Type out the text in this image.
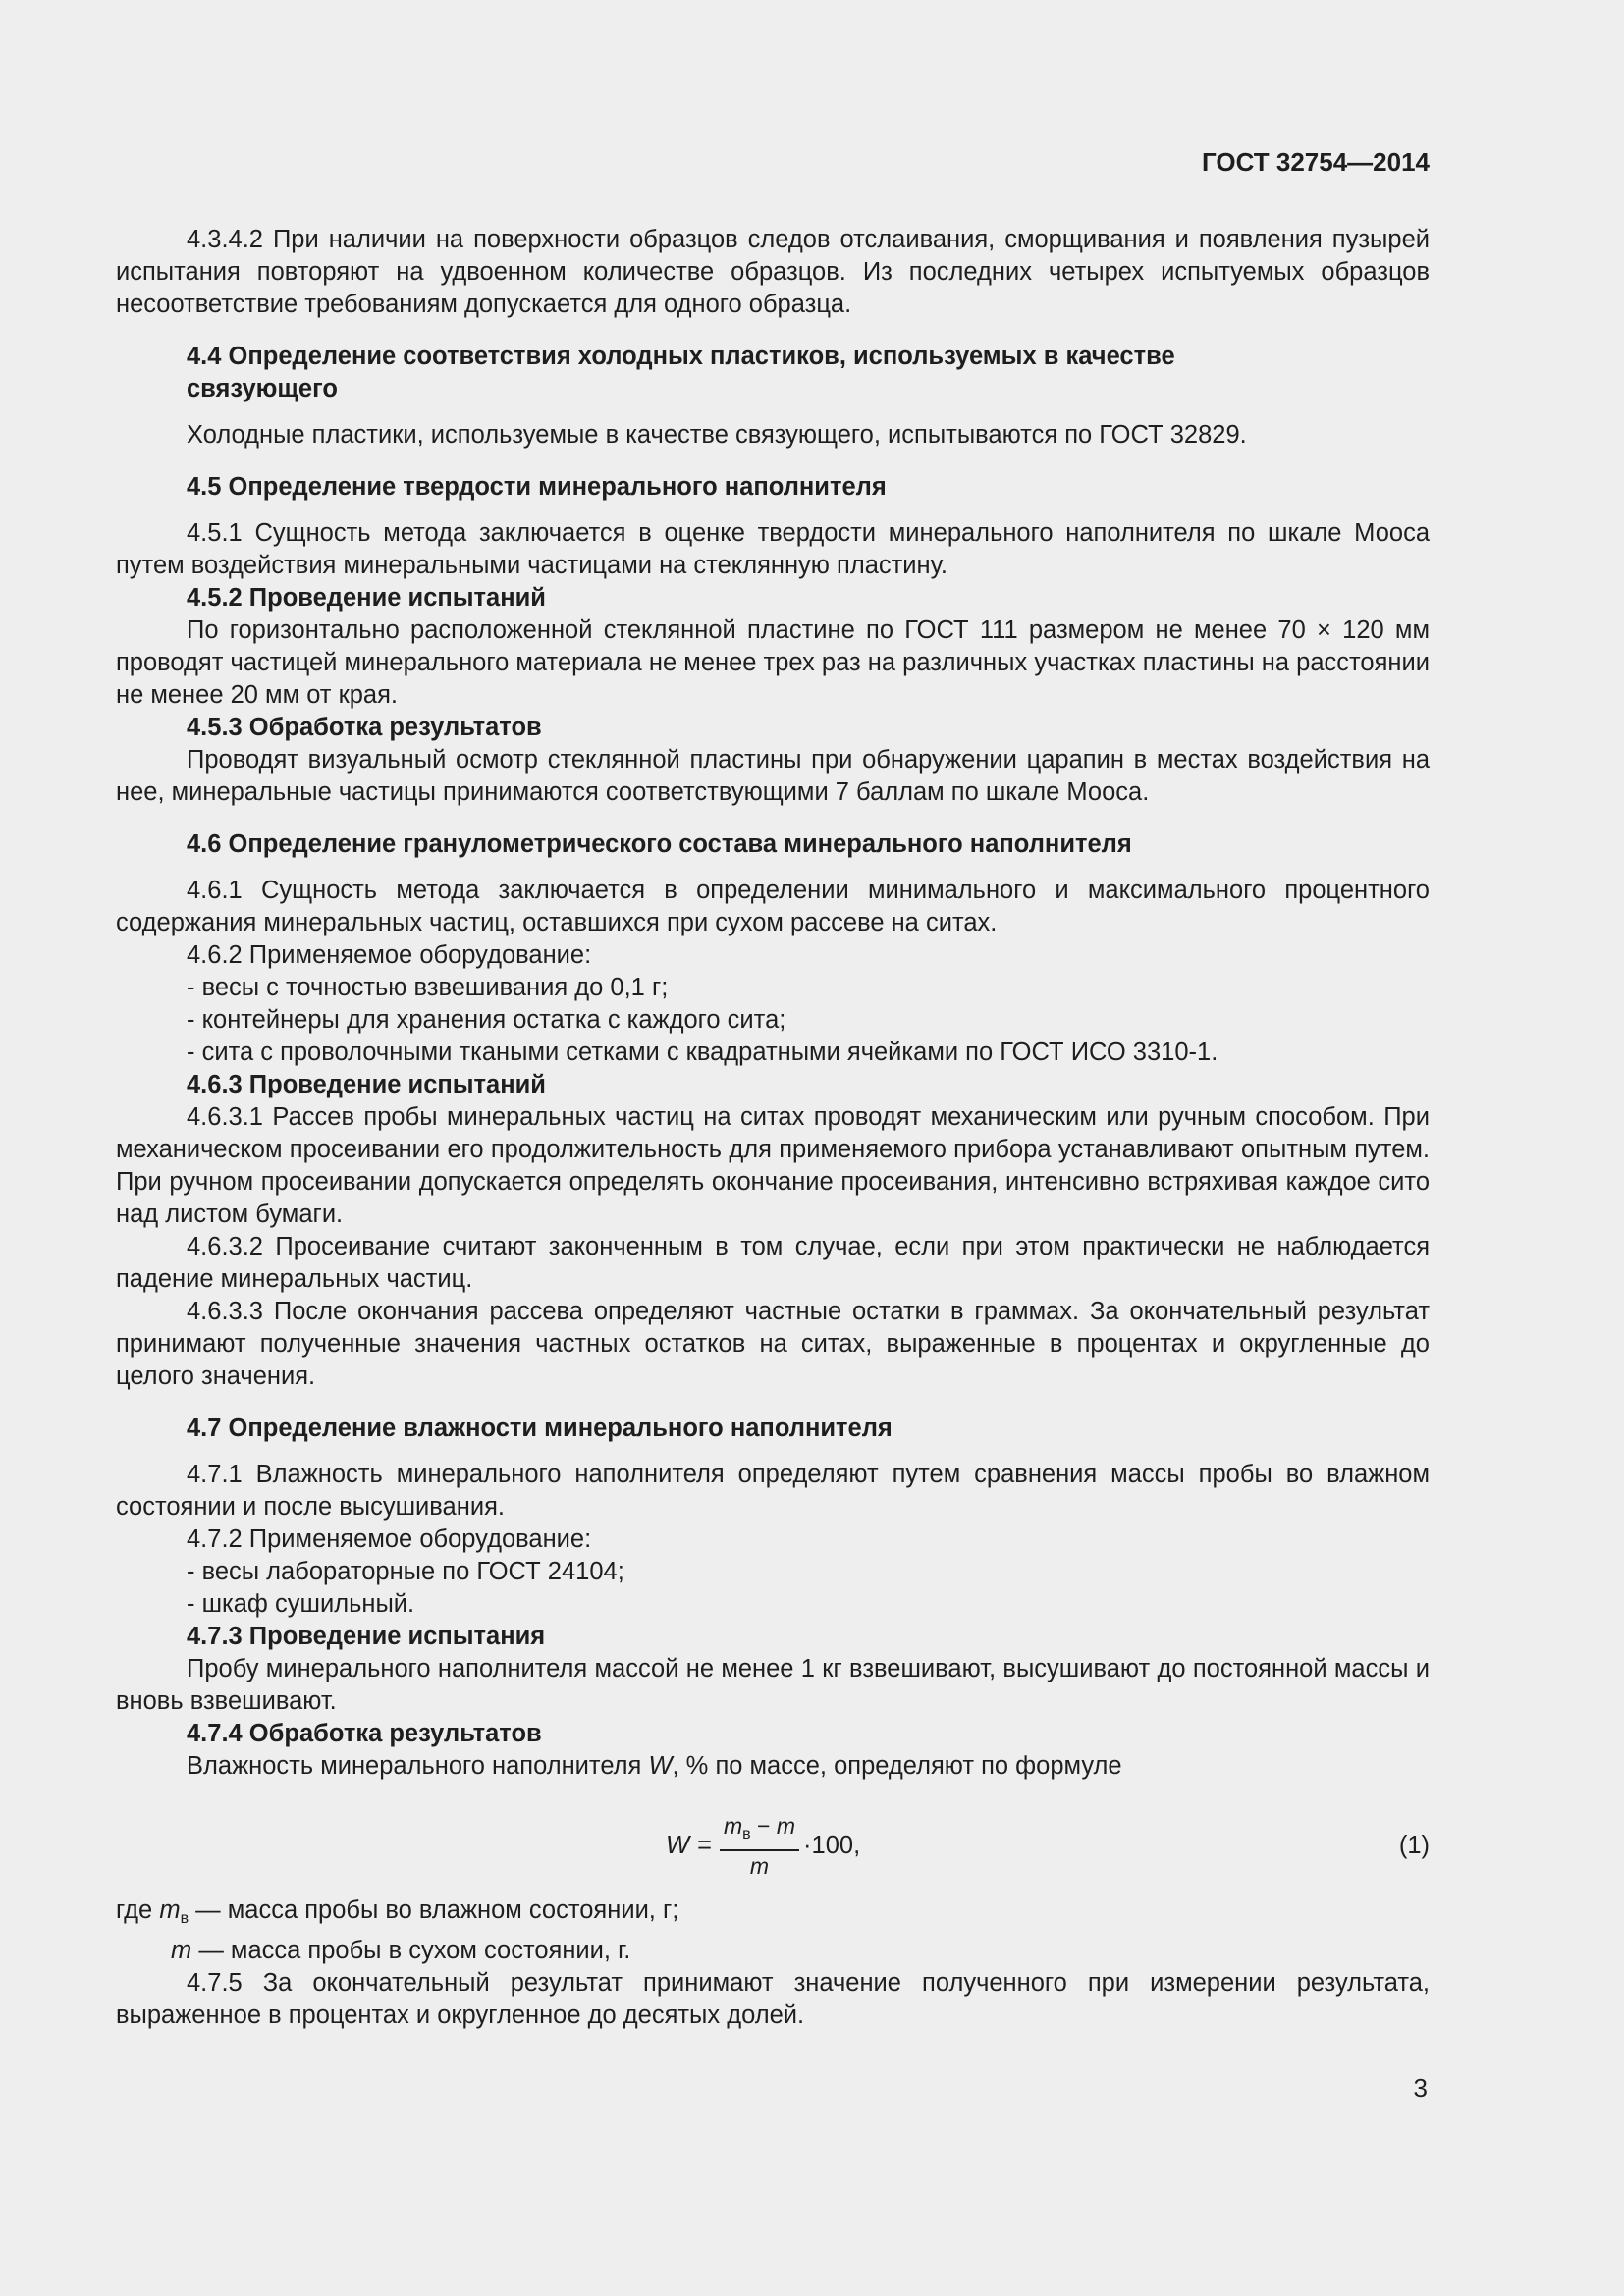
ГОСТ 32754—2014

4.3.4.2 При наличии на поверхности образцов следов отслаивания, сморщивания и появления пузырей испытания повторяют на удвоенном количестве образцов. Из последних четырех испытуемых образцов несоответствие требованиям допускается для одного образца.

4.4 Определение соответствия холодных пластиков, используемых в качестве

связующего

Холодные пластики, используемые в качестве связующего, испытываются по ГОСТ 32829.

4.5 Определение твердости минерального наполнителя

4.5.1 Сущность метода заключается в оценке твердости минерального наполнителя по шкале Мооса путем воздействия минеральными частицами на стеклянную пластину.

4.5.2 Проведение испытаний

По горизонтально расположенной стеклянной пластине по ГОСТ 111 размером не менее 70 × 120 мм проводят частицей минерального материала не менее трех раз на различных участках пластины на расстоянии не менее 20 мм от края.

4.5.3 Обработка результатов

Проводят визуальный осмотр стеклянной пластины при обнаружении царапин в местах воздействия на нее, минеральные частицы принимаются соответствующими 7 баллам по шкале Мооса.

4.6 Определение гранулометрического состава минерального наполнителя

4.6.1 Сущность метода заключается в определении минимального и максимального процентного содержания минеральных частиц, оставшихся при сухом рассеве на ситах.

4.6.2 Применяемое оборудование:

- весы с точностью взвешивания до 0,1 г;

- контейнеры для хранения остатка с каждого сита;

- сита с проволочными ткаными сетками с квадратными ячейками по ГОСТ ИСО 3310-1.

4.6.3 Проведение испытаний

4.6.3.1 Рассев пробы минеральных частиц на ситах проводят механическим или ручным способом. При механическом просеивании его продолжительность для применяемого прибора устанавливают опытным путем. При ручном просеивании допускается определять окончание просеивания, интенсивно встряхивая каждое сито над листом бумаги.

4.6.3.2 Просеивание считают законченным в том случае, если при этом практически не наблюдается падение минеральных частиц.

4.6.3.3 После окончания рассева определяют частные остатки в граммах. За окончательный результат принимают полученные значения частных остатков на ситах, выраженные в процентах и округленные до целого значения.

4.7 Определение влажности минерального наполнителя

4.7.1 Влажность минерального наполнителя определяют путем сравнения массы пробы во влажном состоянии и после высушивания.

4.7.2 Применяемое оборудование:

- весы лабораторные по ГОСТ 24104;

- шкаф сушильный.

4.7.3 Проведение испытания

Пробу минерального наполнителя массой не менее 1 кг взвешивают, высушивают до постоянной массы и вновь взвешивают.

4.7.4 Обработка результатов

Влажность минерального наполнителя W, % по массе, определяют по формуле

$W = \frac{m_в - m}{m} \cdot 100$,	(1)

где $m_в$ — масса пробы во влажном состоянии, г;

m — масса пробы в сухом состоянии, г.

4.7.5 За окончательный результат принимают значение полученного при измерении результата, выраженное в процентах и округленное до десятых долей.

3
